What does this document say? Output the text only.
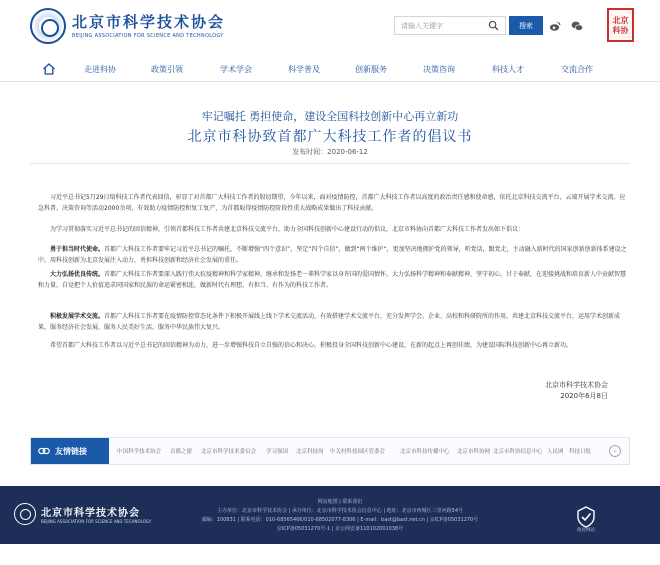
北京市科学技术协会
BEIJING ASSOCIATION FOR SCIENCE AND TECHNOLOGY
请输入关键字
搜索
北京
科协
走进科协	政策引领	学术学会	科学普及	创新服务	决策咨询	科技人才	交流合作
牢记嘱托 勇担使命，建设全国科技创新中心再立新功
北京市科协致首都广大科技工作者的倡议书
发布时间：2020-06-12

习近平总书记5月29日给科技工作者代表回信，彰显了对首都广大科技工作者的殷切期望，今年以来，面对疫情防控，首都广大科技工作者以高度的政治责任感和使命感，依托北京科技交流平台，云端开展学术交流、应急科普、决策咨询等活动2000余项，有效助力疫情防控和复工复产，为首都取得疫情防控阶段性重大战略成果做出了科技贡献。

为学习贯彻落实习近平总书记的回信精神，引领首都科技工作者共建北京科技交流平台，助力全国科技创新中心建设行动的倡议，北京市科协向首都广大科技工作者发出如下倡议：

勇于担当时代使命。首都广大科技工作者要牢记习近平总书记的嘱托，不断增强“四个意识”，坚定“四个自信”，做到“两个维护”，更加坚决地拥护党的领导，听党话，跟党走，主动融入新时代的国家创新创新体系建设之中，用科技创新为北京发展注入动力，勇担科技创新和经济社会发展的重任。

大力弘扬优良传统。首都广大科技工作者要深入践行伟大抗疫精神和科学家精神，继承和发扬老一辈科学家以身许国的爱国情怀，大力弘扬科学精神和奉献精神，坚守初心，甘于奉献，在迎接挑战和培育新人中贡献智慧和力量，自觉把个人价值追求同国家和民族的命运紧密相连，做新时代有理想、有担当、有作为的科技工作者。

积极发展学术交流。首都广大科技工作者要在疫情防控常态化条件下积极开展线上线下学术交流活动，有效搭建学术交流平台，充分发挥学会、企业、高校和科研院所的作用，共建北京科技交流平台，运用学术创新成果，服务经济社会发展，服务人民美好生活，服务中华民族伟大复兴。

希望首都广大科技工作者以习近平总书记的回信精神为动力，进一步增强科技自立自强的信心和决心，积极投身全国科技创新中心建设，在新的起点上再创佳绩，为建设国际科技创新中心再立新功。

北京市科学技术协会
2020年6月8日
友情链接	中国科学技术协会 首都之窗 北京市科学技术委员会 学习强国 北京科技周 中关村科技园区管委会	北京市科技传播中心 北京市科协网 北京市科协信息中心 人民网 科技日报	›
北京市科学技术协会
BEIJING ASSOCIATION FOR SCIENCE AND TECHNOLOGY
网站地图 | 联系我们
主办单位：北京市科学技术协会 | 承办单位：北京市科学技术协会信息中心 | 地址：北京市西城区三里河路54号
邮编：100831 | 联系电话：010-68565466/010-68502077-8306 | E-mail：bast@bast.net.cn | 京ICP备05031270号
京ICP备05031270号-1 | 京公网安备110102001038号	政府网站
